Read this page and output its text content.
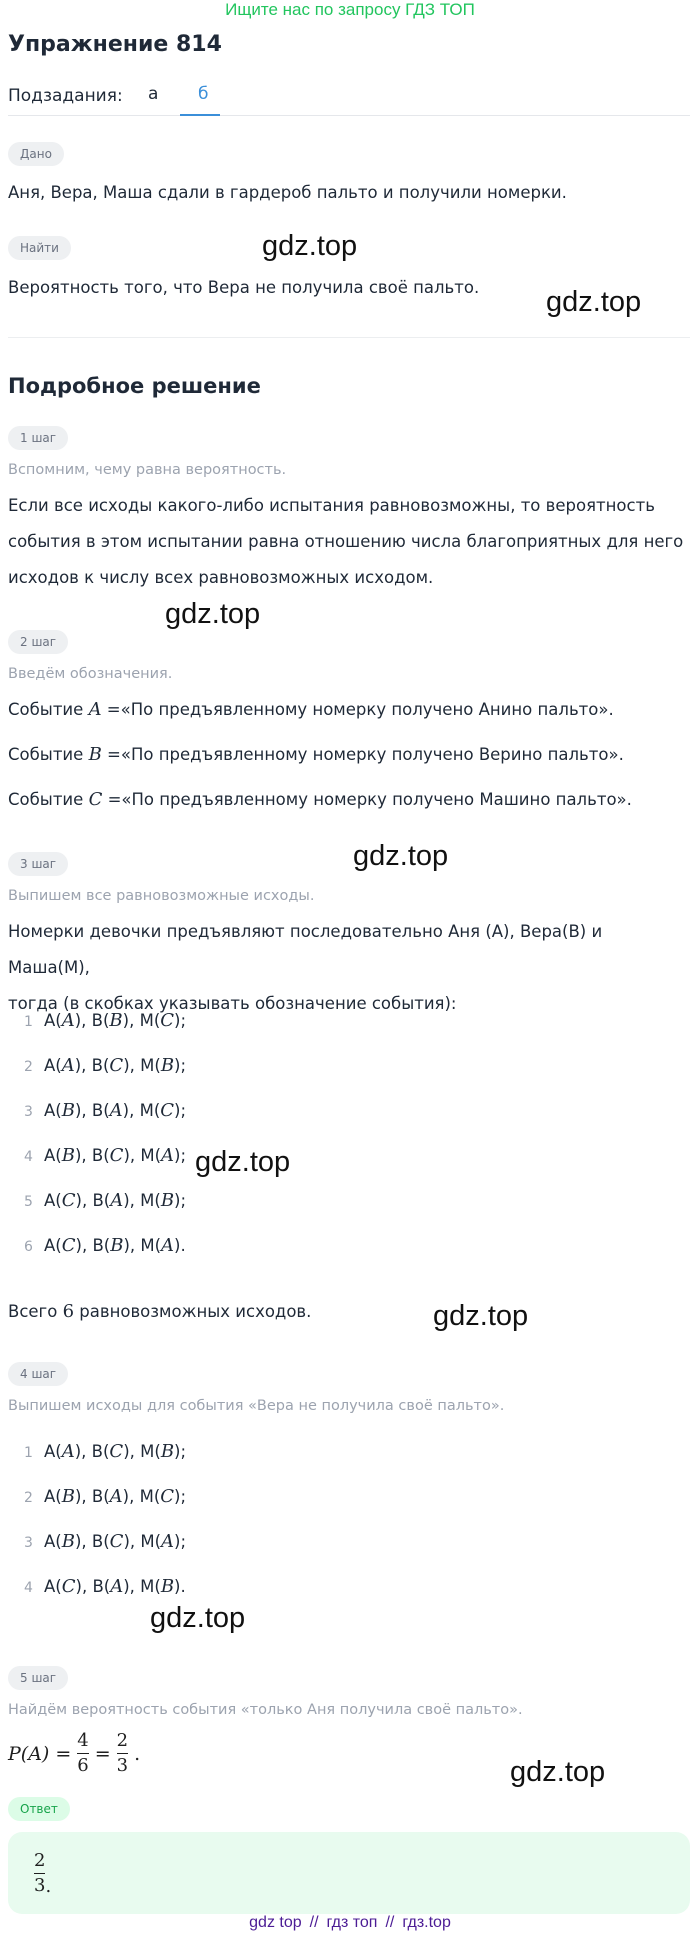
Ищите нас по запросу ГДЗ ТОП
Упражнение 814
Подзадания: а б
Дано
Аня, Вера, Маша сдали в гардероб пальто и получили номерки.
Найти
Вероятность того, что Вера не получила своё пальто.
gdz.top
gdz.top
Подробное решение
1 шаг
Вспомним, чему равна вероятность.
Если все исходы какого-либо испытания равновозможны, то вероятность
события в этом испытании равна отношению числа благоприятных для него
исходов к числу всех равновозможных исходом.
gdz.top
2 шаг
Введём обозначения.
Событие A =«По предъявленному номерку получено Анино пальто».
Событие B =«По предъявленному номерку получено Верино пальто».
Событие C =«По предъявленному номерку получено Машино пальто».
gdz.top
3 шаг
Выпишем все равновозможные исходы.
Номерки девочки предъявляют последовательно Аня (А), Вера(В) и Маша(М),
тогда (в скобках указывать обозначение события):
1 A(A), B(B), M(C);
2 A(A), B(C), M(B);
3 A(B), B(A), M(C);
4 A(B), B(C), M(A);
5 A(C), B(A), M(B);
6 A(C), B(B), M(A).
gdz.top
Всего 6 равновозможных исходов.	gdz.top
4 шаг
Выпишем исходы для события «Вера не получила своё пальто».
1 A(A), B(C), M(B);
2 A(B), B(A), M(C);
3 A(B), B(C), M(A);
4 A(C), B(A), M(B).
gdz.top
5 шаг
Найдём вероятность события «только Аня получила своё пальто».
$P(A) = \frac{4}{6} = \frac{2}{3}$ .
gdz.top
Ответ
$\frac{2}{3}$ .
gdz top // гдз топ // гдз.top
